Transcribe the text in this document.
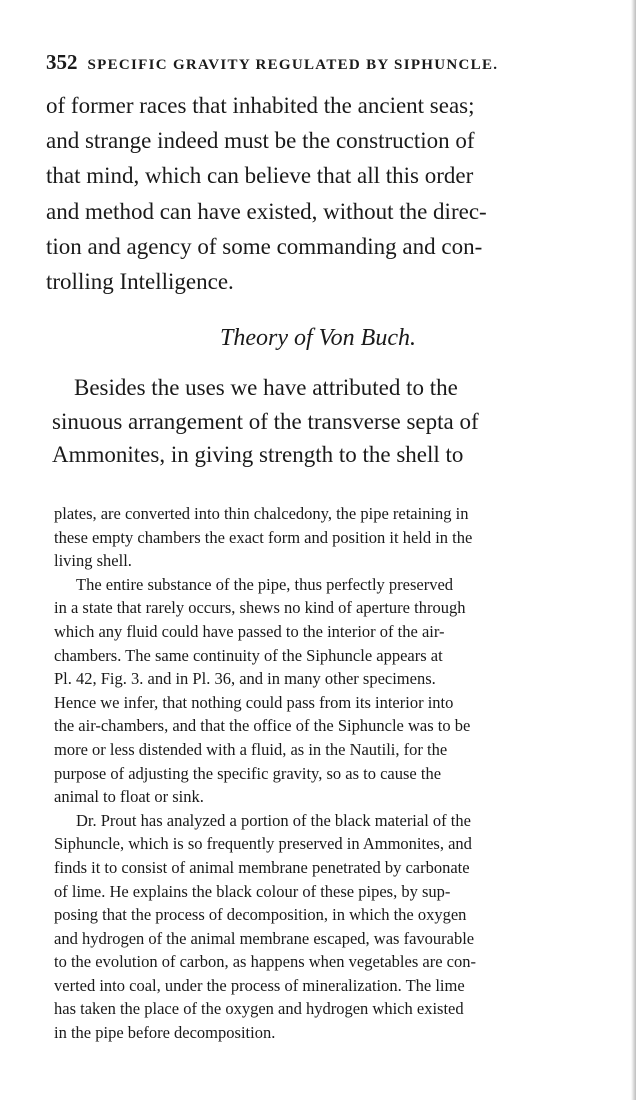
352 SPECIFIC GRAVITY REGULATED BY SIPHUNCLE.
of former races that inhabited the ancient seas;
and strange indeed must be the construction of
that mind, which can believe that all this order
and method can have existed, without the direc-
tion and agency of some commanding and con-
trolling Intelligence.
Theory of Von Buch.
Besides the uses we have attributed to the
sinuous arrangement of the transverse septa of
Ammonites, in giving strength to the shell to
plates, are converted into thin chalcedony, the pipe retaining in
these empty chambers the exact form and position it held in the
living shell.
The entire substance of the pipe, thus perfectly preserved
in a state that rarely occurs, shews no kind of aperture through
which any fluid could have passed to the interior of the air-
chambers. The same continuity of the Siphuncle appears at
Pl. 42, Fig. 3. and in Pl. 36, and in many other specimens.
Hence we infer, that nothing could pass from its interior into
the air-chambers, and that the office of the Siphuncle was to be
more or less distended with a fluid, as in the Nautili, for the
purpose of adjusting the specific gravity, so as to cause the
animal to float or sink.
Dr. Prout has analyzed a portion of the black material of the
Siphuncle, which is so frequently preserved in Ammonites, and
finds it to consist of animal membrane penetrated by carbonate
of lime. He explains the black colour of these pipes, by sup-
posing that the process of decomposition, in which the oxygen
and hydrogen of the animal membrane escaped, was favourable
to the evolution of carbon, as happens when vegetables are con-
verted into coal, under the process of mineralization. The lime
has taken the place of the oxygen and hydrogen which existed
in the pipe before decomposition.
